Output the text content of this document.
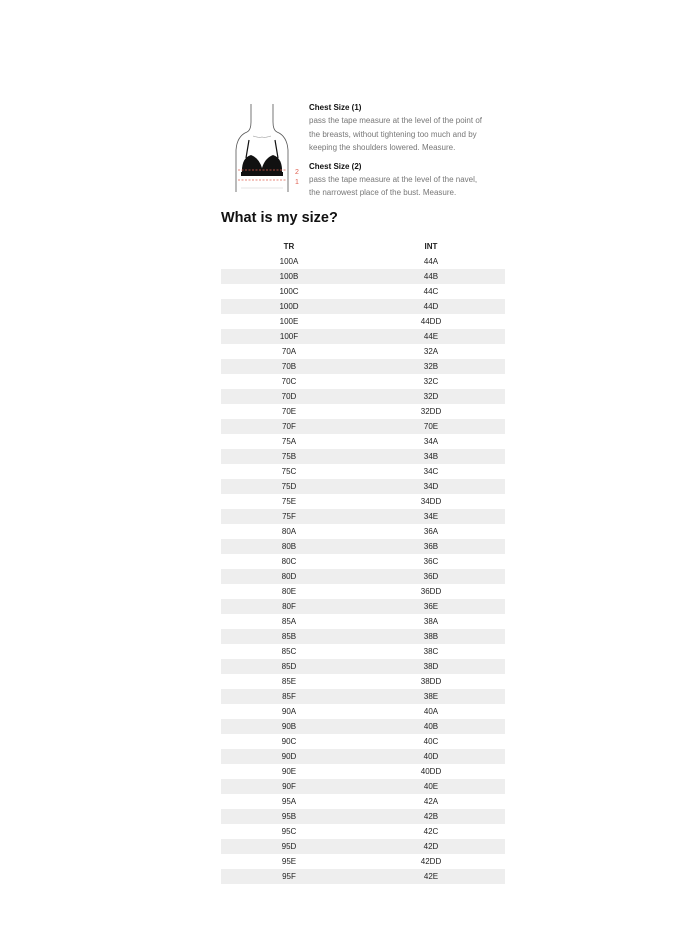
2
1
Chest Size (1)
pass the tape measure at the level of the point of
the breasts, without tightening too much and by
keeping the shoulders lowered. Measure.
Chest Size (2)
pass the tape measure at the level of the navel,
the narrowest place of the bust. Measure.
What is my size?
TR	INT
100A	44A
100B	44B
100C	44C
100D	44D
100E	44DD
100F	44E
70A	32A
70B	32B
70C	32C
70D	32D
70E	32DD
70F	70E
75A	34A
75B	34B
75C	34C
75D	34D
75E	34DD
75F	34E
80A	36A
80B	36B
80C	36C
80D	36D
80E	36DD
80F	36E
85A	38A
85B	38B
85C	38C
85D	38D
85E	38DD
85F	38E
90A	40A
90B	40B
90C	40C
90D	40D
90E	40DD
90F	40E
95A	42A
95B	42B
95C	42C
95D	42D
95E	42DD
95F	42E
